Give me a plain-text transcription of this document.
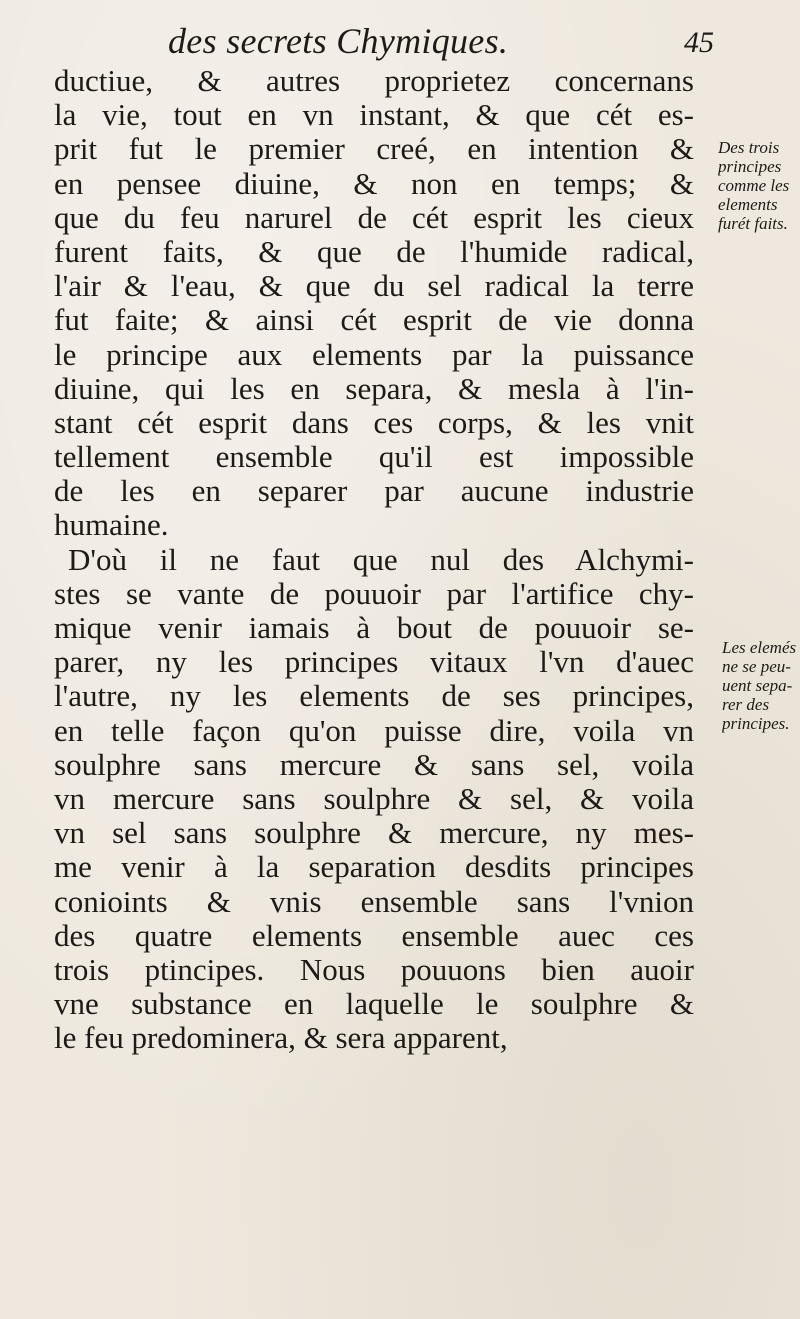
des secrets Chymiques.	45
ductiue, & autres proprietez concernans
la vie, tout en vn instant, & que cét es-
prit fut le premier creé, en intention &
en pensee diuine, & non en temps; &
que du feu narurel de cét esprit les cieux
furent faits, & que de l'humide radical,
l'air & l'eau, & que du sel radical la terre
fut faite; & ainsi cét esprit de vie donna
le principe aux elements par la puissance
diuine, qui les en separa, & mesla à l'in-
stant cét esprit dans ces corps, & les vnit
tellement ensemble qu'il est impossible
de les en separer par aucune industrie
humaine.
D'où il ne faut que nul des Alchymi-
stes se vante de pouuoir par l'artifice chy-
mique venir iamais à bout de pouuoir se-
parer, ny les principes vitaux l'vn d'auec
l'autre, ny les elements de ses principes,
en telle façon qu'on puisse dire, voila vn
soulphre sans mercure & sans sel, voila
vn mercure sans soulphre & sel, & voila
vn sel sans soulphre & mercure, ny mes-
me venir à la separation desdits principes
conioints & vnis ensemble sans l'vnion
des quatre elements ensemble auec ces
trois ptincipes. Nous pouuons bien auoir
vne substance en laquelle le soulphre &
le feu predominera, & sera apparent,
Des trois
principes
comme les
elements
furét faits.
Les elemés
ne se peu-
uent sepa-
rer des
principes.
